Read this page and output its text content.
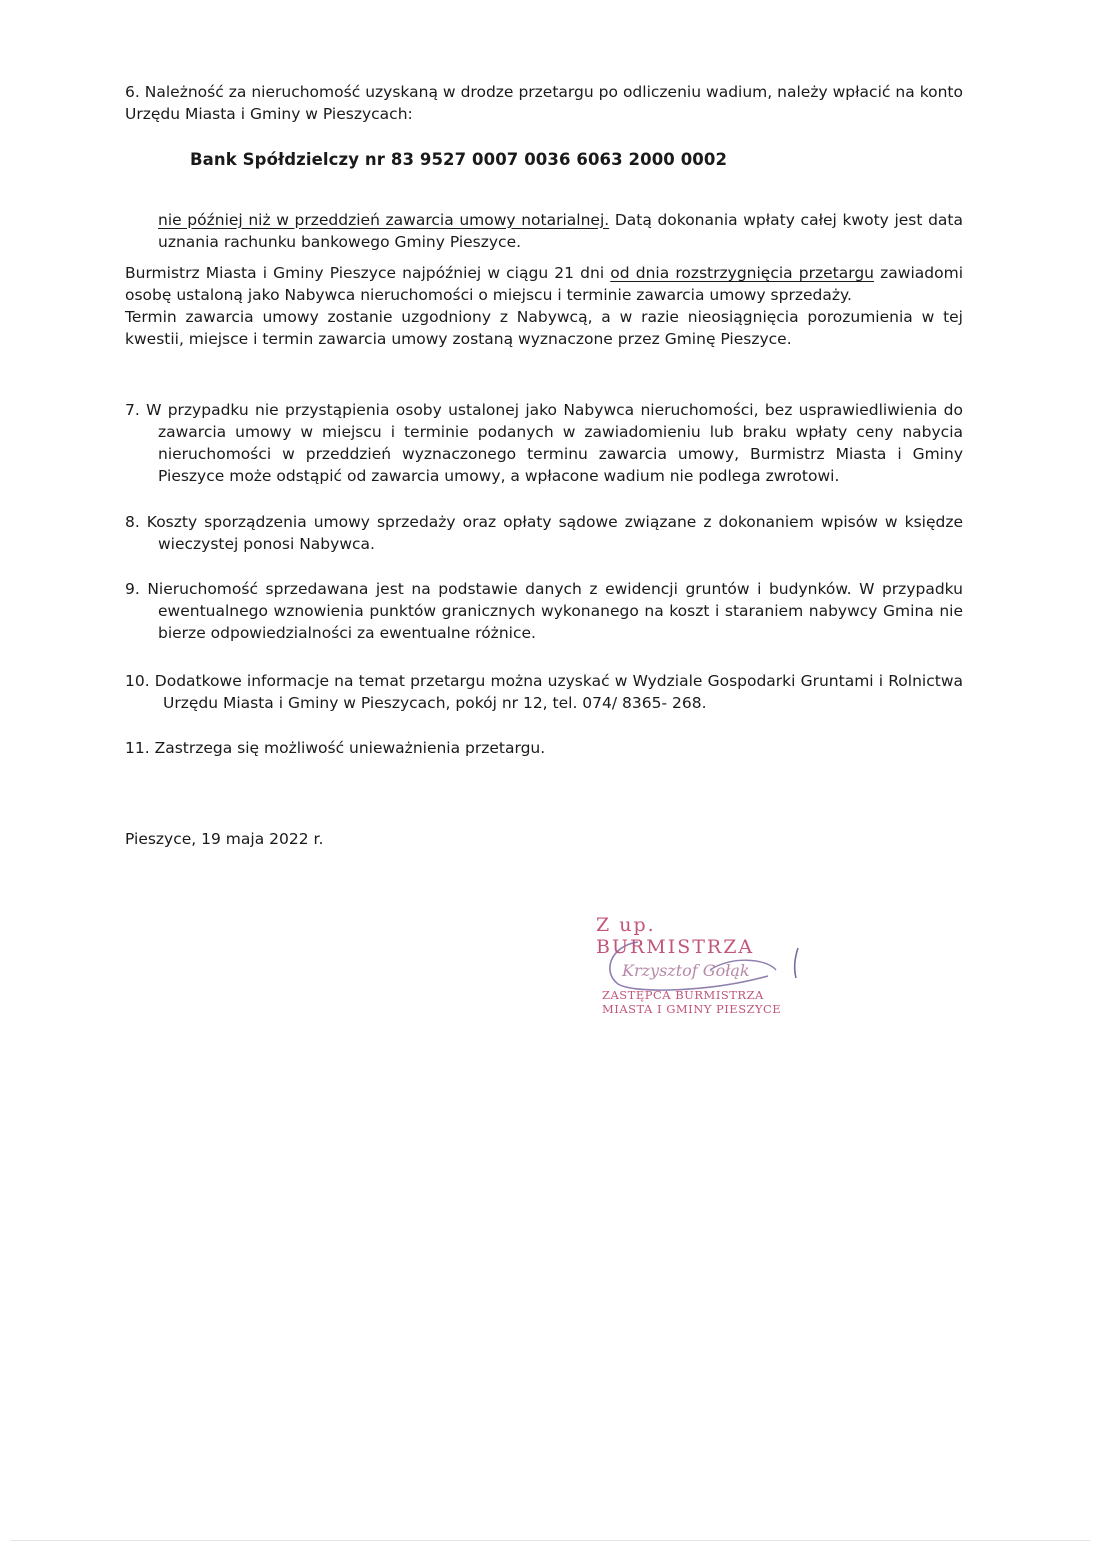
6. Należność za nieruchomość uzyskaną w drodze przetargu po odliczeniu wadium, należy wpłacić na konto Urzędu Miasta i Gminy w Pieszycach:

Bank Spółdzielczy nr 83 9527 0007 0036 6063 2000 0002

nie później niż w przeddzień zawarcia umowy notarialnej. Datą dokonania wpłaty całej kwoty jest data uznania rachunku bankowego Gminy Pieszyce.

Burmistrz Miasta i Gminy Pieszyce najpóźniej w ciągu 21 dni od dnia rozstrzygnięcia przetargu zawiadomi osobę ustaloną jako Nabywca nieruchomości o miejscu i terminie zawarcia umowy sprzedaży.

Termin zawarcia umowy zostanie uzgodniony z Nabywcą, a w razie nieosiągnięcia porozumienia w tej kwestii, miejsce i termin zawarcia umowy zostaną wyznaczone przez Gminę Pieszyce.

7. W przypadku nie przystąpienia osoby ustalonej jako Nabywca nieruchomości, bez usprawiedliwienia do zawarcia umowy w miejscu i terminie podanych w zawiadomieniu lub braku wpłaty ceny nabycia nieruchomości w przeddzień wyznaczonego terminu zawarcia umowy, Burmistrz Miasta i Gminy Pieszyce może odstąpić od zawarcia umowy, a wpłacone wadium nie podlega zwrotowi.

8. Koszty sporządzenia umowy sprzedaży oraz opłaty sądowe związane z dokonaniem wpisów w księdze wieczystej ponosi Nabywca.

9. Nieruchomość sprzedawana jest na podstawie danych z ewidencji gruntów i budynków. W przypadku ewentualnego wznowienia punktów granicznych wykonanego na koszt i staraniem nabywcy Gmina nie bierze odpowiedzialności za ewentualne różnice.

10. Dodatkowe informacje na temat przetargu można uzyskać w Wydziale Gospodarki Gruntami i Rolnictwa Urzędu Miasta i Gminy w Pieszycach, pokój nr 12, tel. 074/ 8365- 268.

11. Zastrzega się możliwość unieważnienia przetargu.

Pieszyce, 19 maja 2022 r.
Z up. BURMISTRZA
Krzysztof Gołąk
ZASTĘPCA BURMISTRZA
MIASTA I GMINY PIESZYCE
